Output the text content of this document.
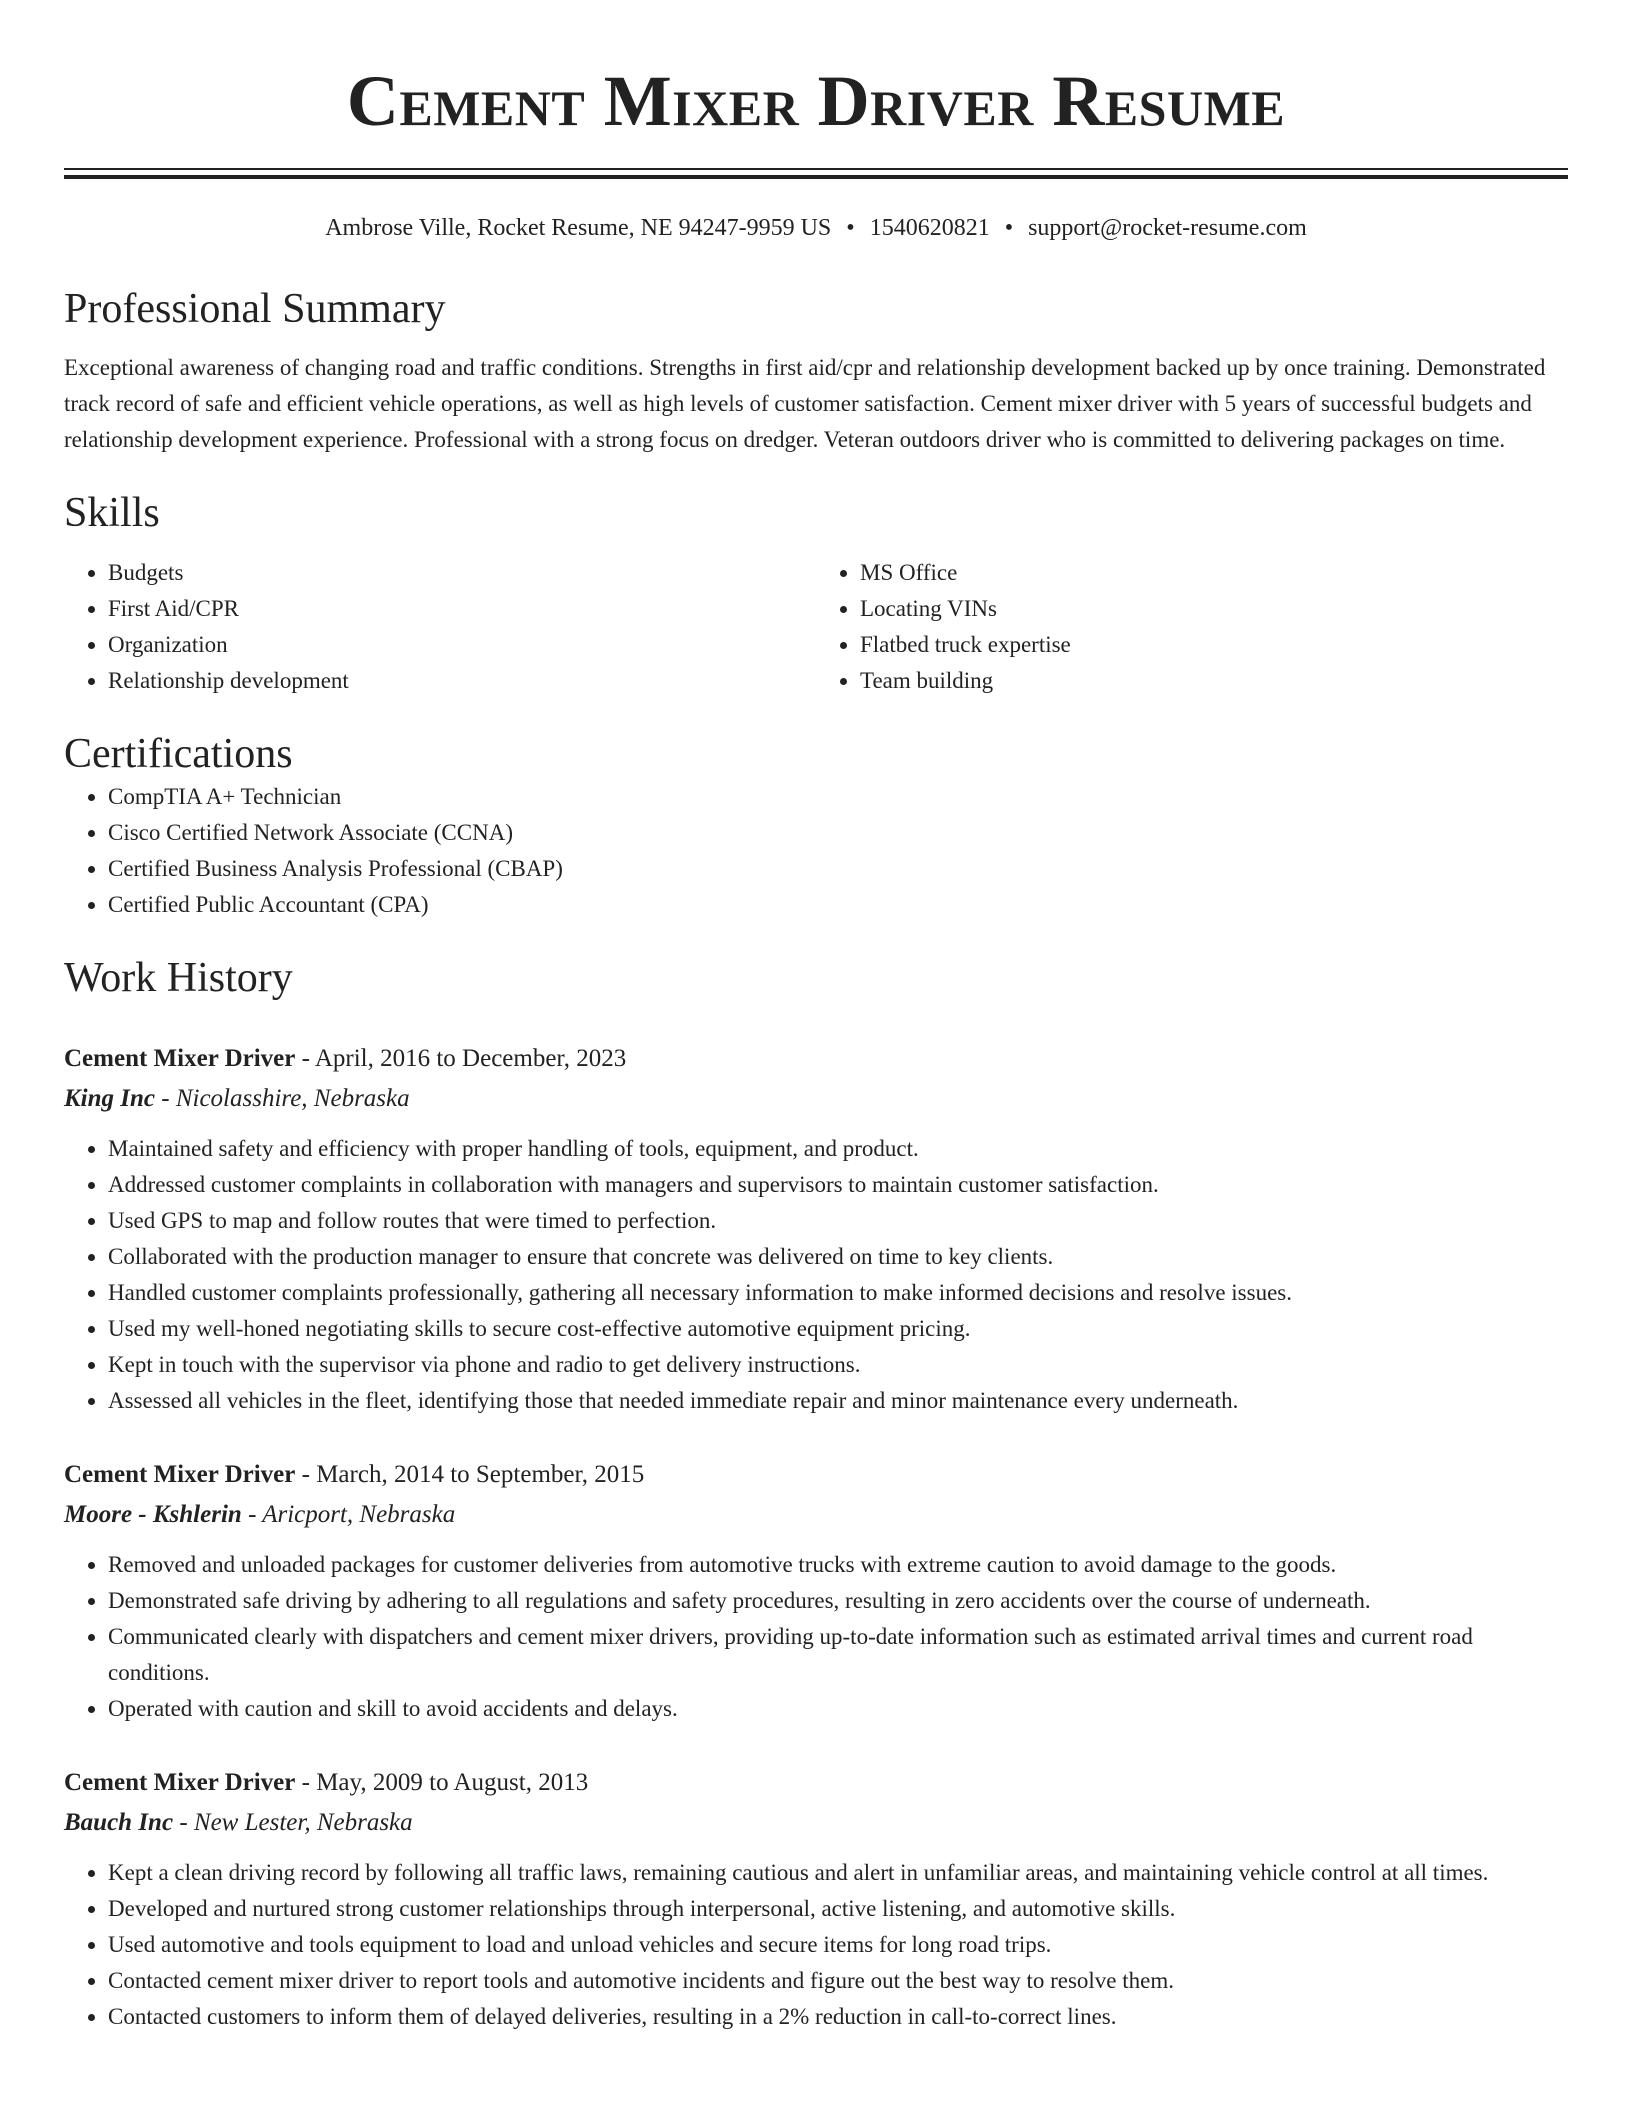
Cement Mixer Driver Resume
Ambrose Ville, Rocket Resume, NE 94247-9959 US • 1540620821 • support@rocket-resume.com
Professional Summary

Exceptional awareness of changing road and traffic conditions. Strengths in first aid/cpr and relationship development backed up by once training. Demonstrated track record of safe and efficient vehicle operations, as well as high levels of customer satisfaction. Cement mixer driver with 5 years of successful budgets and relationship development experience. Professional with a strong focus on dredger. Veteran outdoors driver who is committed to delivering packages on time.

Skills
• Budgets
• First Aid/CPR
• Organization
• Relationship development
• MS Office
• Locating VINs
• Flatbed truck expertise
• Team building
Certifications
• CompTIA A+ Technician
• Cisco Certified Network Associate (CCNA)
• Certified Business Analysis Professional (CBAP)
• Certified Public Accountant (CPA)
Work History
Cement Mixer Driver - April, 2016 to December, 2023
King Inc - Nicolasshire, Nebraska
• Maintained safety and efficiency with proper handling of tools, equipment, and product.
• Addressed customer complaints in collaboration with managers and supervisors to maintain customer satisfaction.
• Used GPS to map and follow routes that were timed to perfection.
• Collaborated with the production manager to ensure that concrete was delivered on time to key clients.
• Handled customer complaints professionally, gathering all necessary information to make informed decisions and resolve issues.
• Used my well-honed negotiating skills to secure cost-effective automotive equipment pricing.
• Kept in touch with the supervisor via phone and radio to get delivery instructions.
• Assessed all vehicles in the fleet, identifying those that needed immediate repair and minor maintenance every underneath.
Cement Mixer Driver - March, 2014 to September, 2015
Moore - Kshlerin - Aricport, Nebraska
• Removed and unloaded packages for customer deliveries from automotive trucks with extreme caution to avoid damage to the goods.
• Demonstrated safe driving by adhering to all regulations and safety procedures, resulting in zero accidents over the course of underneath.
• Communicated clearly with dispatchers and cement mixer drivers, providing up-to-date information such as estimated arrival times and current road conditions.
• Operated with caution and skill to avoid accidents and delays.
Cement Mixer Driver - May, 2009 to August, 2013
Bauch Inc - New Lester, Nebraska
• Kept a clean driving record by following all traffic laws, remaining cautious and alert in unfamiliar areas, and maintaining vehicle control at all times.
• Developed and nurtured strong customer relationships through interpersonal, active listening, and automotive skills.
• Used automotive and tools equipment to load and unload vehicles and secure items for long road trips.
• Contacted cement mixer driver to report tools and automotive incidents and figure out the best way to resolve them.
• Contacted customers to inform them of delayed deliveries, resulting in a 2% reduction in call-to-correct lines.
